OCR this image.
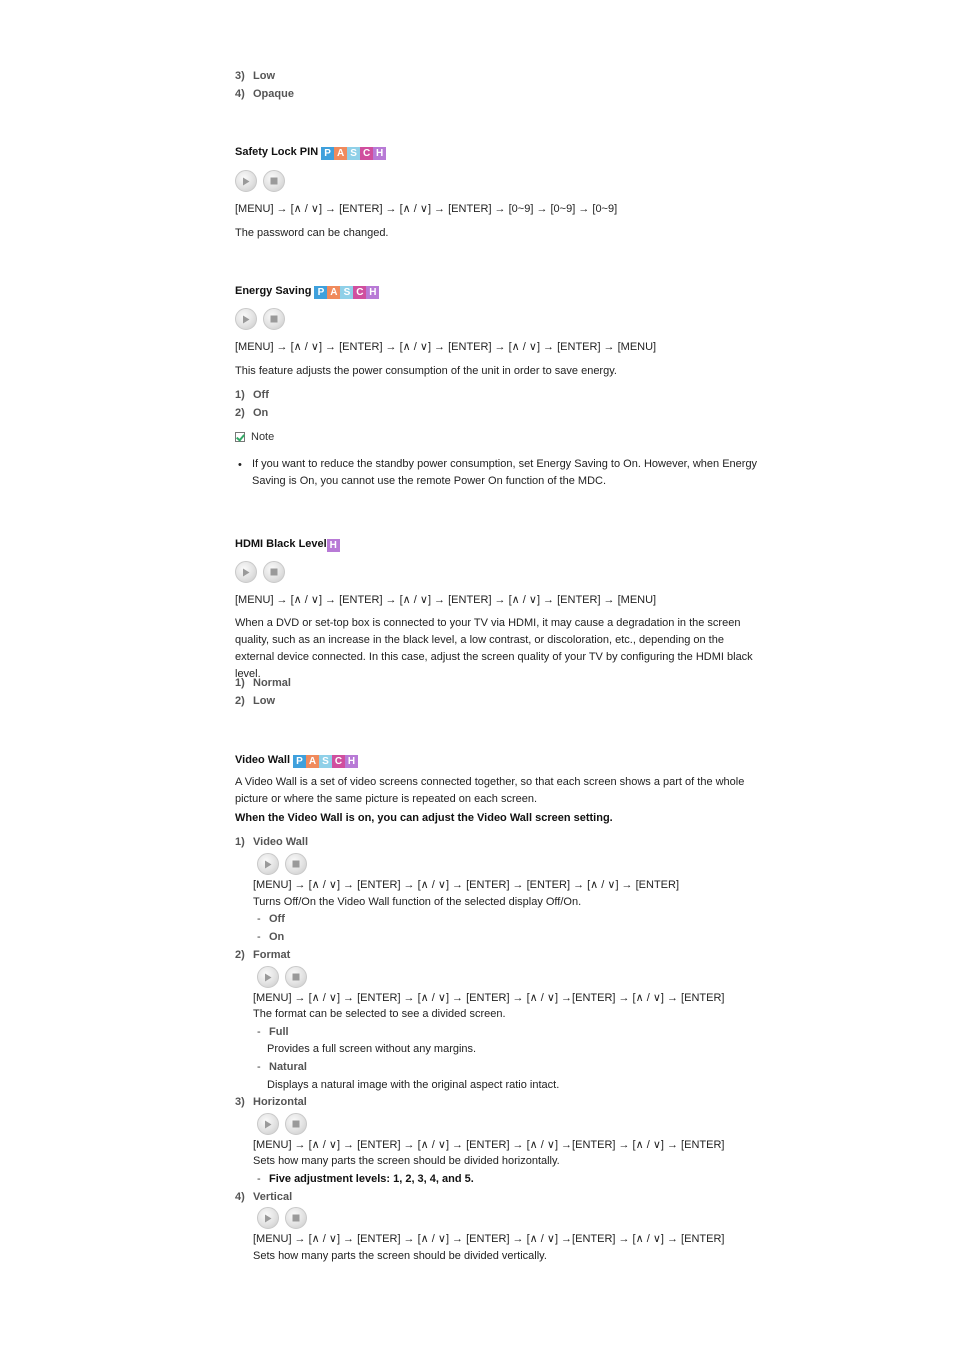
3) Low
4) Opaque
Safety Lock PIN P A S C H
[MENU] → [∧ / ∨] → [ENTER] → [∧ / ∨] → [ENTER] → [0~9] → [0~9] → [0~9]
The password can be changed.
Energy Saving P A S C H
[MENU] → [∧ / ∨] → [ENTER] → [∧ / ∨] → [ENTER] → [∧ / ∨] → [ENTER] → [MENU]
This feature adjusts the power consumption of the unit in order to save energy.
1) Off
2) On
Note
• If you want to reduce the standby power consumption, set Energy Saving to On. However, when Energy Saving is On, you cannot use the remote Power On function of the MDC.
HDMI Black Level H
[MENU] → [∧ / ∨] → [ENTER] → [∧ / ∨] → [ENTER] → [∧ / ∨] → [ENTER] → [MENU]
When a DVD or set-top box is connected to your TV via HDMI, it may cause a degradation in the screen quality, such as an increase in the black level, a low contrast, or discoloration, etc., depending on the external device connected. In this case, adjust the screen quality of your TV by configuring the HDMI black level.
1) Normal
2) Low
Video Wall P A S C H
A Video Wall is a set of video screens connected together, so that each screen shows a part of the whole picture or where the same picture is repeated on each screen.
When the Video Wall is on, you can adjust the Video Wall screen setting.
1) Video Wall
[MENU] → [∧ / ∨] → [ENTER] → [∧ / ∨] → [ENTER] → [ENTER] → [∧ / ∨] → [ENTER]
Turns Off/On the Video Wall function of the selected display Off/On.
- Off
- On
2) Format
[MENU] → [∧ / ∨] → [ENTER] → [∧ / ∨] → [ENTER] → [∧ / ∨] →[ENTER] → [∧ / ∨] → [ENTER]
The format can be selected to see a divided screen.
- Full
Provides a full screen without any margins.
- Natural
Displays a natural image with the original aspect ratio intact.
3) Horizontal
[MENU] → [∧ / ∨] → [ENTER] → [∧ / ∨] → [ENTER] → [∧ / ∨] →[ENTER] → [∧ / ∨] → [ENTER]
Sets how many parts the screen should be divided horizontally.
- Five adjustment levels: 1, 2, 3, 4, and 5.
4) Vertical
[MENU] → [∧ / ∨] → [ENTER] → [∧ / ∨] → [ENTER] → [∧ / ∨] →[ENTER] → [∧ / ∨] → [ENTER]
Sets how many parts the screen should be divided vertically.
